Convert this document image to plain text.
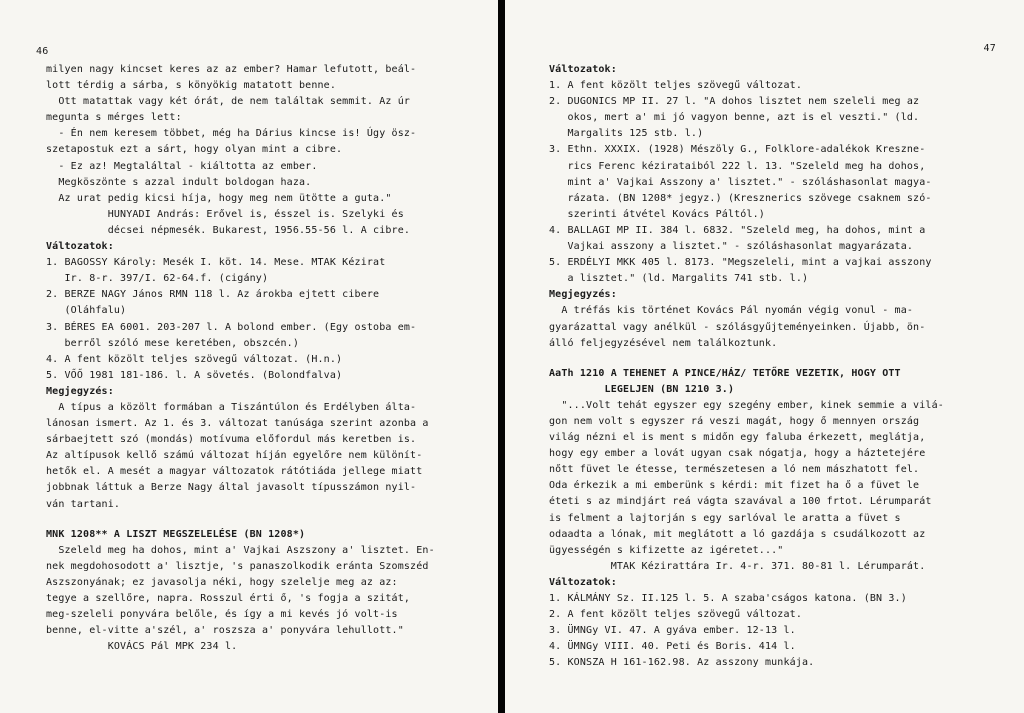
46
milyen nagy kincset keres az az ember? Hamar lefutott, beál-
lott térdig a sárba, s könyökig matatott benne.
Ott matattak vagy két órát, de nem találtak semmit. Az úr
megunta s mérges lett:
- Én nem keresem többet, még ha Dárius kincse is! Úgy ösz-
szetapostuk ezt a sárt, hogy olyan mint a cibre.
- Ez az! Megtaláltal - kiáltotta az ember.
Megköszönte s azzal indult boldogan haza.
Az urat pedig kicsi híja, hogy meg nem ütötte a guta."
HUNYADI András: Erővel is, ésszel is. Szelyki és
décsei népmesék. Bukarest, 1956.55-56 l. A cibre.
Változatok:
1. BAGOSSY Károly: Mesék I. köt. 14. Mese. MTAK Kézirat
Ir. 8-r. 397/I. 62-64.f. (cigány)
2. BERZE NAGY János RMN 118 l. Az árokba ejtett cibere
(Oláhfalu)
3. BÉRES EA 6001. 203-207 l. A bolond ember. (Egy ostoba em-
berről szóló mese keretében, obszcén.)
4. A fent közölt teljes szövegű változat. (H.n.)
5. VŐŐ 1981 181-186. l. A sövetés. (Bolondfalva)
Megjegyzés:
A típus a közölt formában a Tiszántúlon és Erdélyben álta-
lánosan ismert. Az 1. és 3. változat tanúsága szerint azonba a
sárbaejtett szó (mondás) motívuma előfordul más keretben is.
Az altípusok kellő számú változat híján egyelőre nem különít-
hetők el. A mesét a magyar változatok rátótiáda jellege miatt
jobbnak láttuk a Berze Nagy által javasolt típusszámon nyil-
ván tartani.
MNK 1208** A LISZT MEGSZELELÉSE (BN 1208*)
Szeleld meg ha dohos, mint a' Vajkai Aszszony a' lisztet. En-
nek megdohosodott a' lisztje, 's panaszolkodik eránta Szomszéd
Aszszonyának; ez javasolja néki, hogy szelelje meg az az:
tegye a szellőre, napra. Rosszul érti ő, 's fogja a szitát,
meg-szeleli ponyvára belőle, és így a mi kevés jó volt-is
benne, el-vitte a'szél, a' roszsza a' ponyvára lehullott."
KOVÁCS Pál MPK 234 l.
47
Változatok:
1. A fent közölt teljes szövegű változat.
2. DUGONICS MP II. 27 l. "A dohos lisztet nem szeleli meg az
okos, mert a' mi jó vagyon benne, azt is el veszti." (ld.
Margalits 125 stb. l.)
3. Ethn. XXXIX. (1928) Mészöly G., Folklore-adalékok Kreszne-
rics Ferenc kézirataiból 222 l. 13. "Szeleld meg ha dohos,
mint a' Vajkai Asszony a' lisztet." - szóláshasonlat magya-
rázata. (BN 1208* jegyz.) (Kresznerics szövege csaknem szó-
szerinti átvétel Kovács Páltól.)
4. BALLAGI MP II. 384 l. 6832. "Szeleld meg, ha dohos, mint a
Vajkai asszony a lisztet." - szóláshasonlat magyarázata.
5. ERDÉLYI MKK 405 l. 8173. "Megszeleli, mint a vajkai asszony
a lisztet." (ld. Margalits 741 stb. l.)
Megjegyzés:
A tréfás kis történet Kovács Pál nyomán végig vonul - ma-
gyarázattal vagy anélkül - szólásgyűjteményeinken. Újabb, ön-
álló feljegyzésével nem találkoztunk.
AaTh 1210 A TEHENET A PINCE/HÁZ/ TETŐRE VEZETIK, HOGY OTT
LEGELJEN (BN 1210 3.)
"...Volt tehát egyszer egy szegény ember, kinek semmie a vilá-
gon nem volt s egyszer rá veszi magát, hogy ő mennyen ország
világ nézni el is ment s midőn egy faluba érkezett, meglátja,
hogy egy ember a lovát ugyan csak nógatja, hogy a háztetejére
nőtt füvet le étesse, természetesen a ló nem mászhatott fel.
Oda érkezik a mi emberünk s kérdi: mit fizet ha ő a füvet le
éteti s az mindjárt reá vágta szavával a 100 frtot. Lérumparát
is felment a lajtorján s egy sarlóval le aratta a füvet s
odaadta a lónak, mit meglátott a ló gazdája s csudálkozott az
ügyességén s kifizette az igéretet..."
MTAK Kézirattára Ir. 4-r. 371. 80-81 l. Lérumparát.
Változatok:
1. KÁLMÁNY Sz. II.125 l. 5. A szaba'cságos katona. (BN 3.)
2. A fent közölt teljes szövegű változat.
3. ÜMNGy VI. 47. A gyáva ember. 12-13 l.
4. ÜMNGy VIII. 40. Peti és Boris. 414 l.
5. KONSZA H 161-162.98. Az asszony munkája.
